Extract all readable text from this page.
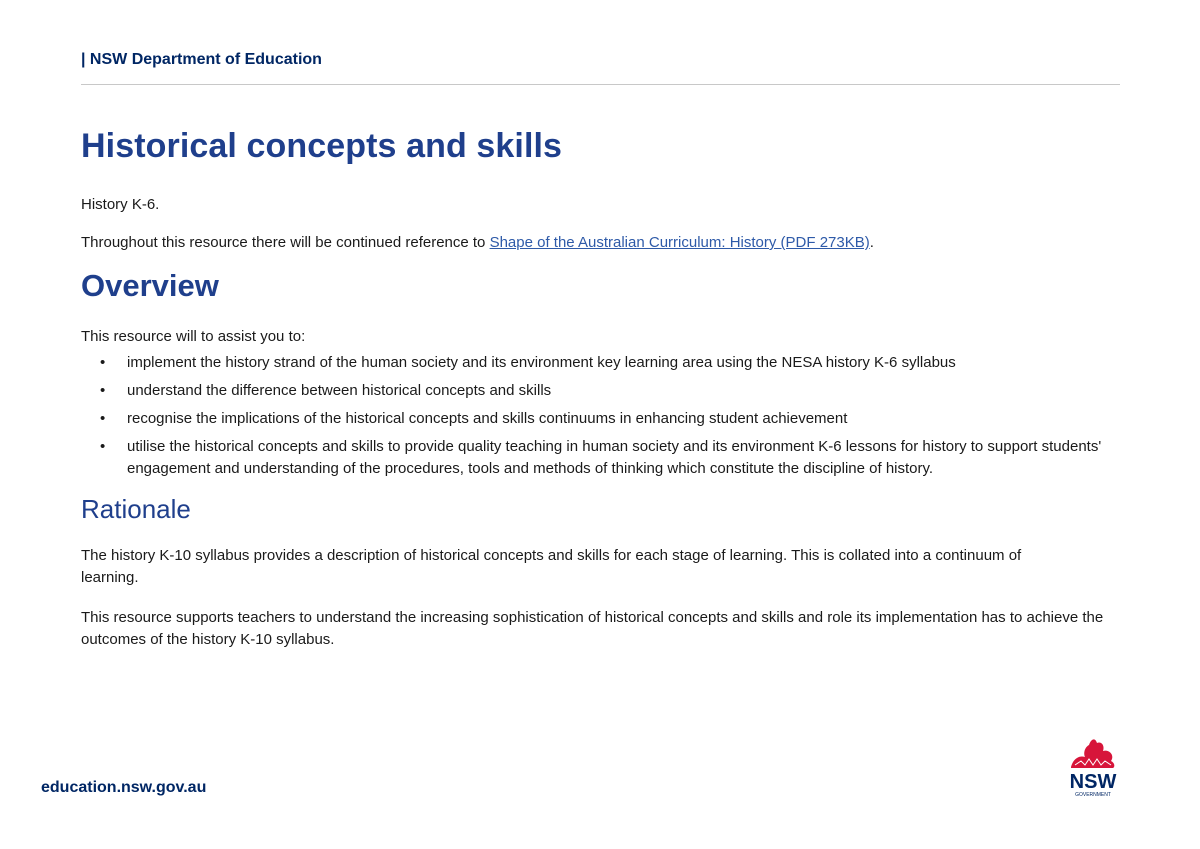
| NSW Department of Education
Historical concepts and skills

History K-6.

Throughout this resource there will be continued reference to Shape of the Australian Curriculum: History (PDF 273KB).

Overview

This resource will to assist you to:

• implement the history strand of the human society and its environment key learning area using the NESA history K-6 syllabus
• understand the difference between historical concepts and skills
• recognise the implications of the historical concepts and skills continuums in enhancing student achievement
• utilise the historical concepts and skills to provide quality teaching in human society and its environment K-6 lessons for history to support students' engagement and understanding of the procedures, tools and methods of thinking which constitute the discipline of history.
Rationale

The history K-10 syllabus provides a description of historical concepts and skills for each stage of learning. This is collated into a continuum of learning.

This resource supports teachers to understand the increasing sophistication of historical concepts and skills and role its implementation has to achieve the outcomes of the history K-10 syllabus.

education.nsw.gov.au	NSW
GOVERNMENT
